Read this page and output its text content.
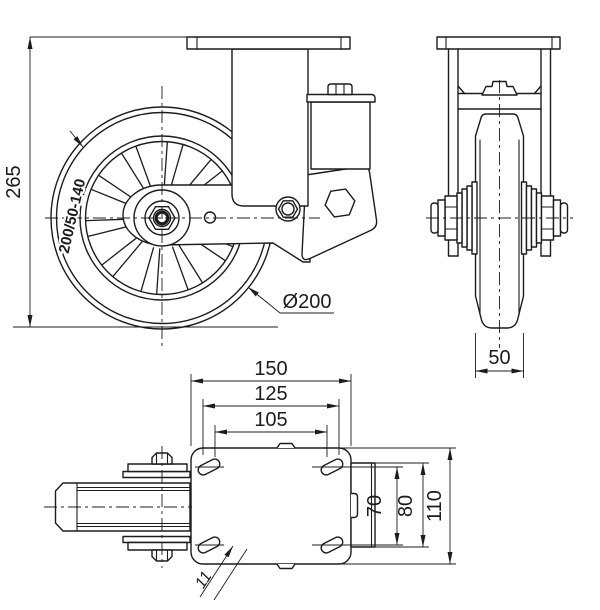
265
Ø200
200/50-140
50
150
125
105
70 80 110
11
